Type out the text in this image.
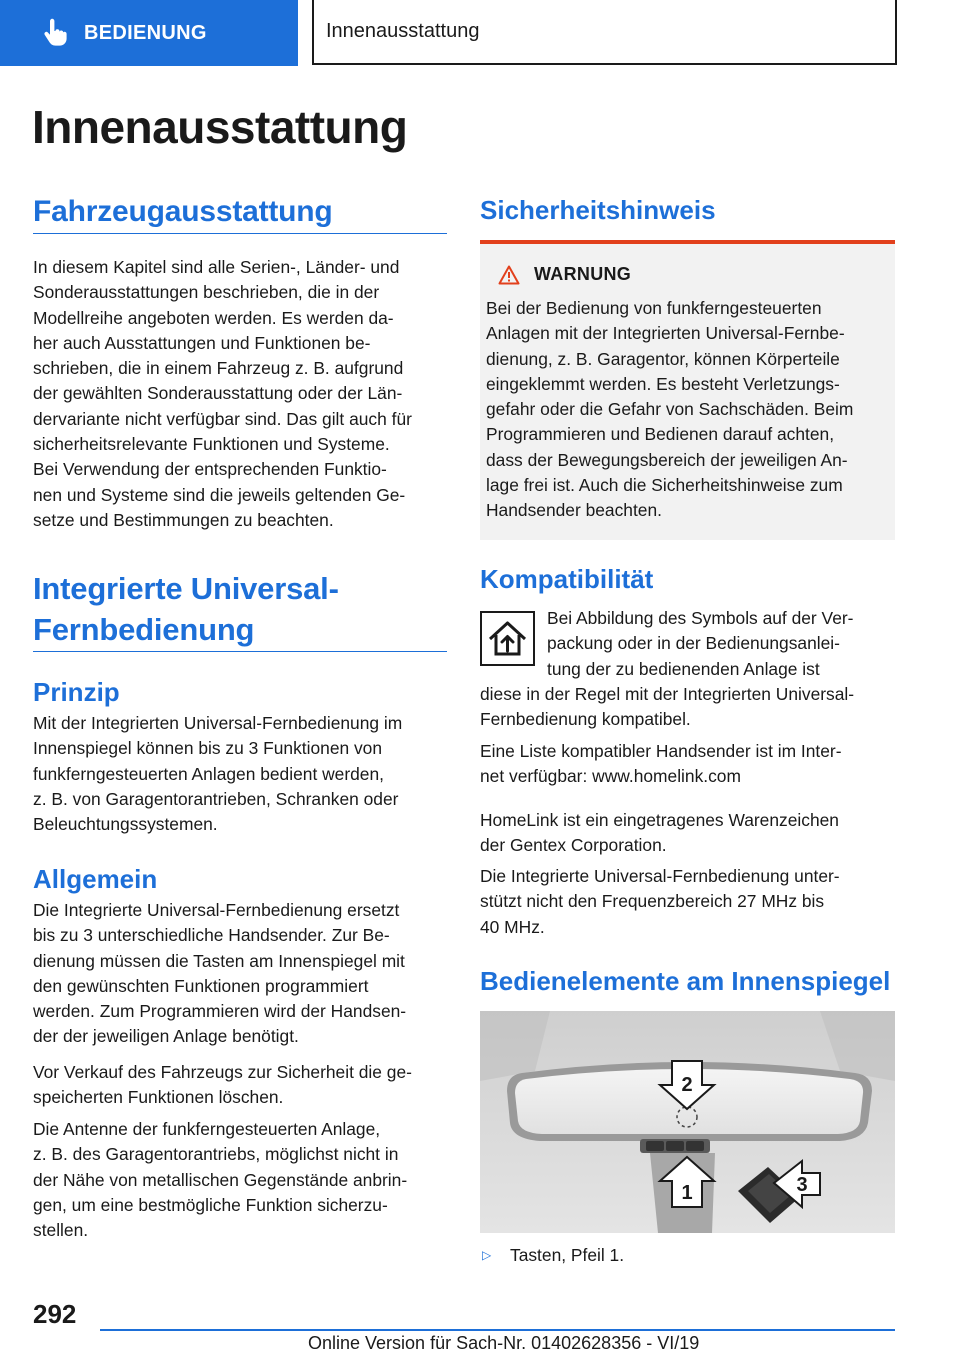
BEDIENUNG	Innenausstattung
Innenausstattung
Fahrzeugausstattung
In diesem Kapitel sind alle Serien-, Länder- und
Sonderausstattungen beschrieben, die in der
Modellreihe angeboten werden. Es werden da-
her auch Ausstattungen und Funktionen be-
schrieben, die in einem Fahrzeug z. B. aufgrund
der gewählten Sonderausstattung oder der Län-
dervariante nicht verfügbar sind. Das gilt auch für
sicherheitsrelevante Funktionen und Systeme.
Bei Verwendung der entsprechenden Funktio-
nen und Systeme sind die jeweils geltenden Ge-
setze und Bestimmungen zu beachten.
Integrierte Universal-
Fernbedienung
Prinzip
Mit der Integrierten Universal-Fernbedienung im
Innenspiegel können bis zu 3 Funktionen von
funkferngesteuerten Anlagen bedient werden,
z. B. von Garagentorantrieben, Schranken oder
Beleuchtungssystemen.
Allgemein
Die Integrierte Universal-Fernbedienung ersetzt
bis zu 3 unterschiedliche Handsender. Zur Be-
dienung müssen die Tasten am Innenspiegel mit
den gewünschten Funktionen programmiert
werden. Zum Programmieren wird der Handsen-
der der jeweiligen Anlage benötigt.
Vor Verkauf des Fahrzeugs zur Sicherheit die ge-
speicherten Funktionen löschen.
Die Antenne der funkferngesteuerten Anlage,
z. B. des Garagentorantriebs, möglichst nicht in
der Nähe von metallischen Gegenstände anbrin-
gen, um eine bestmögliche Funktion sicherzu-
stellen.
Sicherheitshinweis
WARNUNG
Bei der Bedienung von funkferngesteuerten
Anlagen mit der Integrierten Universal-Fernbe-
dienung, z. B. Garagentor, können Körperteile
eingeklemmt werden. Es besteht Verletzungs-
gefahr oder die Gefahr von Sachschäden. Beim
Programmieren und Bedienen darauf achten,
dass der Bewegungsbereich der jeweiligen An-
lage frei ist. Auch die Sicherheitshinweise zum
Handsender beachten.
Kompatibilität
Bei Abbildung des Symbols auf der Ver-
packung oder in der Bedienungsanlei-
tung der zu bedienenden Anlage ist
diese in der Regel mit der Integrierten Universal-
Fernbedienung kompatibel.
Eine Liste kompatibler Handsender ist im Inter-
net verfügbar: www.homelink.com
HomeLink ist ein eingetragenes Warenzeichen
der Gentex Corporation.
Die Integrierte Universal-Fernbedienung unter-
stützt nicht den Frequenzbereich 27 MHz bis
40 MHz.
Bedienelemente am Innenspiegel
2
1	3
▷	Tasten, Pfeil 1.
292
Online Version für Sach-Nr. 01402628356 - VI/19
